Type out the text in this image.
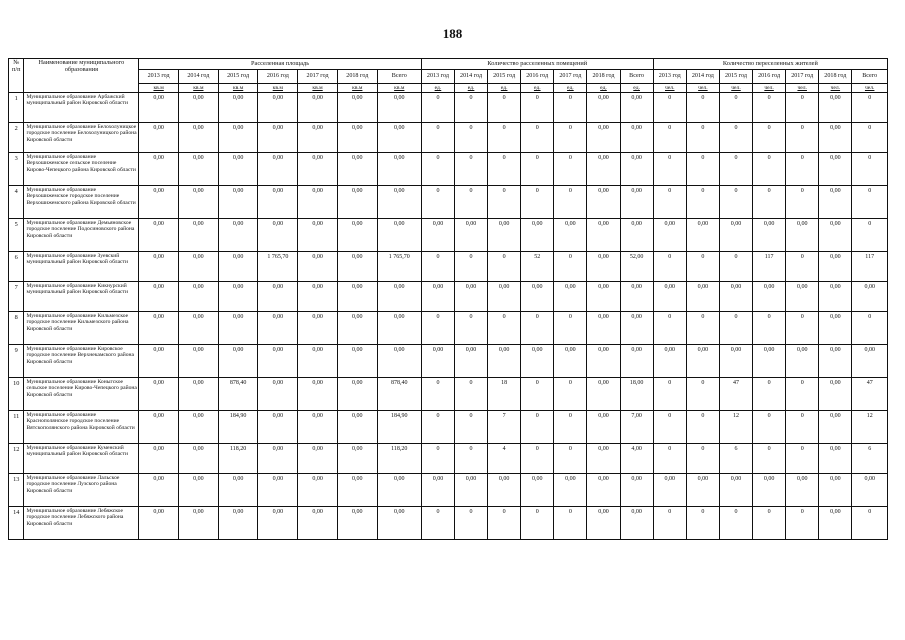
188
№ п/п	Наименование муниципального образования	Расселенная площадь							Количество расселенных помещений							Количество переселенных жителей						
		2013 год	2014 год	2015 год	2016 год	2017 год	2018 год	Всего	2013 год	2014 год	2015 год	2016 год	2017 год	2018 год	Всего	2013 год	2014 год	2015 год	2016 год	2017 год	2018 год	Всего
		кв.м	кв.м	кв.м	кв.м	кв.м	кв.м	кв.м	ед.	ед.	ед.	ед.	ед.	ед.	ед.	чел.	чел.	чел.	чел.	чел.	чел.	чел.
1	Муниципальное образование Арбажский муниципальный район Кировской области	0,00	0,00	0,00	0,00	0,00	0,00	0,00	0	0	0	0	0	0,00	0,00	0	0	0	0	0	0,00	0
2	Муниципальное образование Белохолуницкое городское поселение Белохолуницкого района Кировской области	0,00	0,00	0,00	0,00	0,00	0,00	0,00	0	0	0	0	0	0,00	0,00	0	0	0	0	0	0,00	0
3	Муниципальное образование Верхошижемское сельское поселение Кирово-Чепецкого района Кировской области	0,00	0,00	0,00	0,00	0,00	0,00	0,00	0	0	0	0	0	0,00	0,00	0	0	0	0	0	0,00	0
4	Муниципальное образование Верхошижемское городское поселение Верхошижемского района Кировской области	0,00	0,00	0,00	0,00	0,00	0,00	0,00	0	0	0	0	0	0,00	0,00	0	0	0	0	0	0,00	0
5	Муниципальное образование Демьяновское городское поселение Подосиновского района Кировской области	0,00	0,00	0,00	0,00	0,00	0,00	0,00	0,00	0,00	0,00	0,00	0,00	0,00	0,00	0,00	0,00	0,00	0,00	0,00	0,00	0
6	Муниципальное образование Зуевский муниципальный район Кировской области	0,00	0,00	0,00	1 765,70	0,00	0,00	1 765,70	0	0	0	52	0	0,00	52,00	0	0	0	117	0	0,00	117
7	Муниципальное образование Кикнурский муниципальный район Кировской области	0,00	0,00	0,00	0,00	0,00	0,00	0,00	0,00	0,00	0,00	0,00	0,00	0,00	0,00	0,00	0,00	0,00	0,00	0,00	0,00	0,00
8	Муниципальное образование Кильмезское городское поселение Кильмезского района Кировской области	0,00	0,00	0,00	0,00	0,00	0,00	0,00	0	0	0	0	0	0,00	0,00	0	0	0	0	0	0,00	0
9	Муниципальное образование Кировское городское поселение Верхнекамского района Кировской области	0,00	0,00	0,00	0,00	0,00	0,00	0,00	0,00	0,00	0,00	0,00	0,00	0,00	0,00	0,00	0,00	0,00	0,00	0,00	0,00	0,00
10	Муниципальное образование Коныгское сельское поселение Кирово-Чепецкого района Кировской области	0,00	0,00	878,40	0,00	0,00	0,00	878,40	0	0	18	0	0	0,00	18,00	0	0	47	0	0	0,00	47
11	Муниципальное образование Краснополянское городское поселение Вятскополянского района Кировской области	0,00	0,00	184,90	0,00	0,00	0,00	184,90	0	0	7	0	0	0,00	7,00	0	0	12	0	0	0,00	12
12	Муниципальное образование Куменский муниципальный район Кировской области	0,00	0,00	118,20	0,00	0,00	0,00	118,20	0	0	4	0	0	0,00	4,00	0	0	6	0	0	0,00	6
13	Муниципальное образование Лальское городское поселение Лузского района Кировской области	0,00	0,00	0,00	0,00	0,00	0,00	0,00	0,00	0,00	0,00	0,00	0,00	0,00	0,00	0,00	0,00	0,00	0,00	0,00	0,00	0,00
14	Муниципальное образование Лебяжское городское поселение Лебяжского района Кировской области	0,00	0,00	0,00	0,00	0,00	0,00	0,00	0	0	0	0	0	0,00	0,00	0	0	0	0	0	0,00	0
